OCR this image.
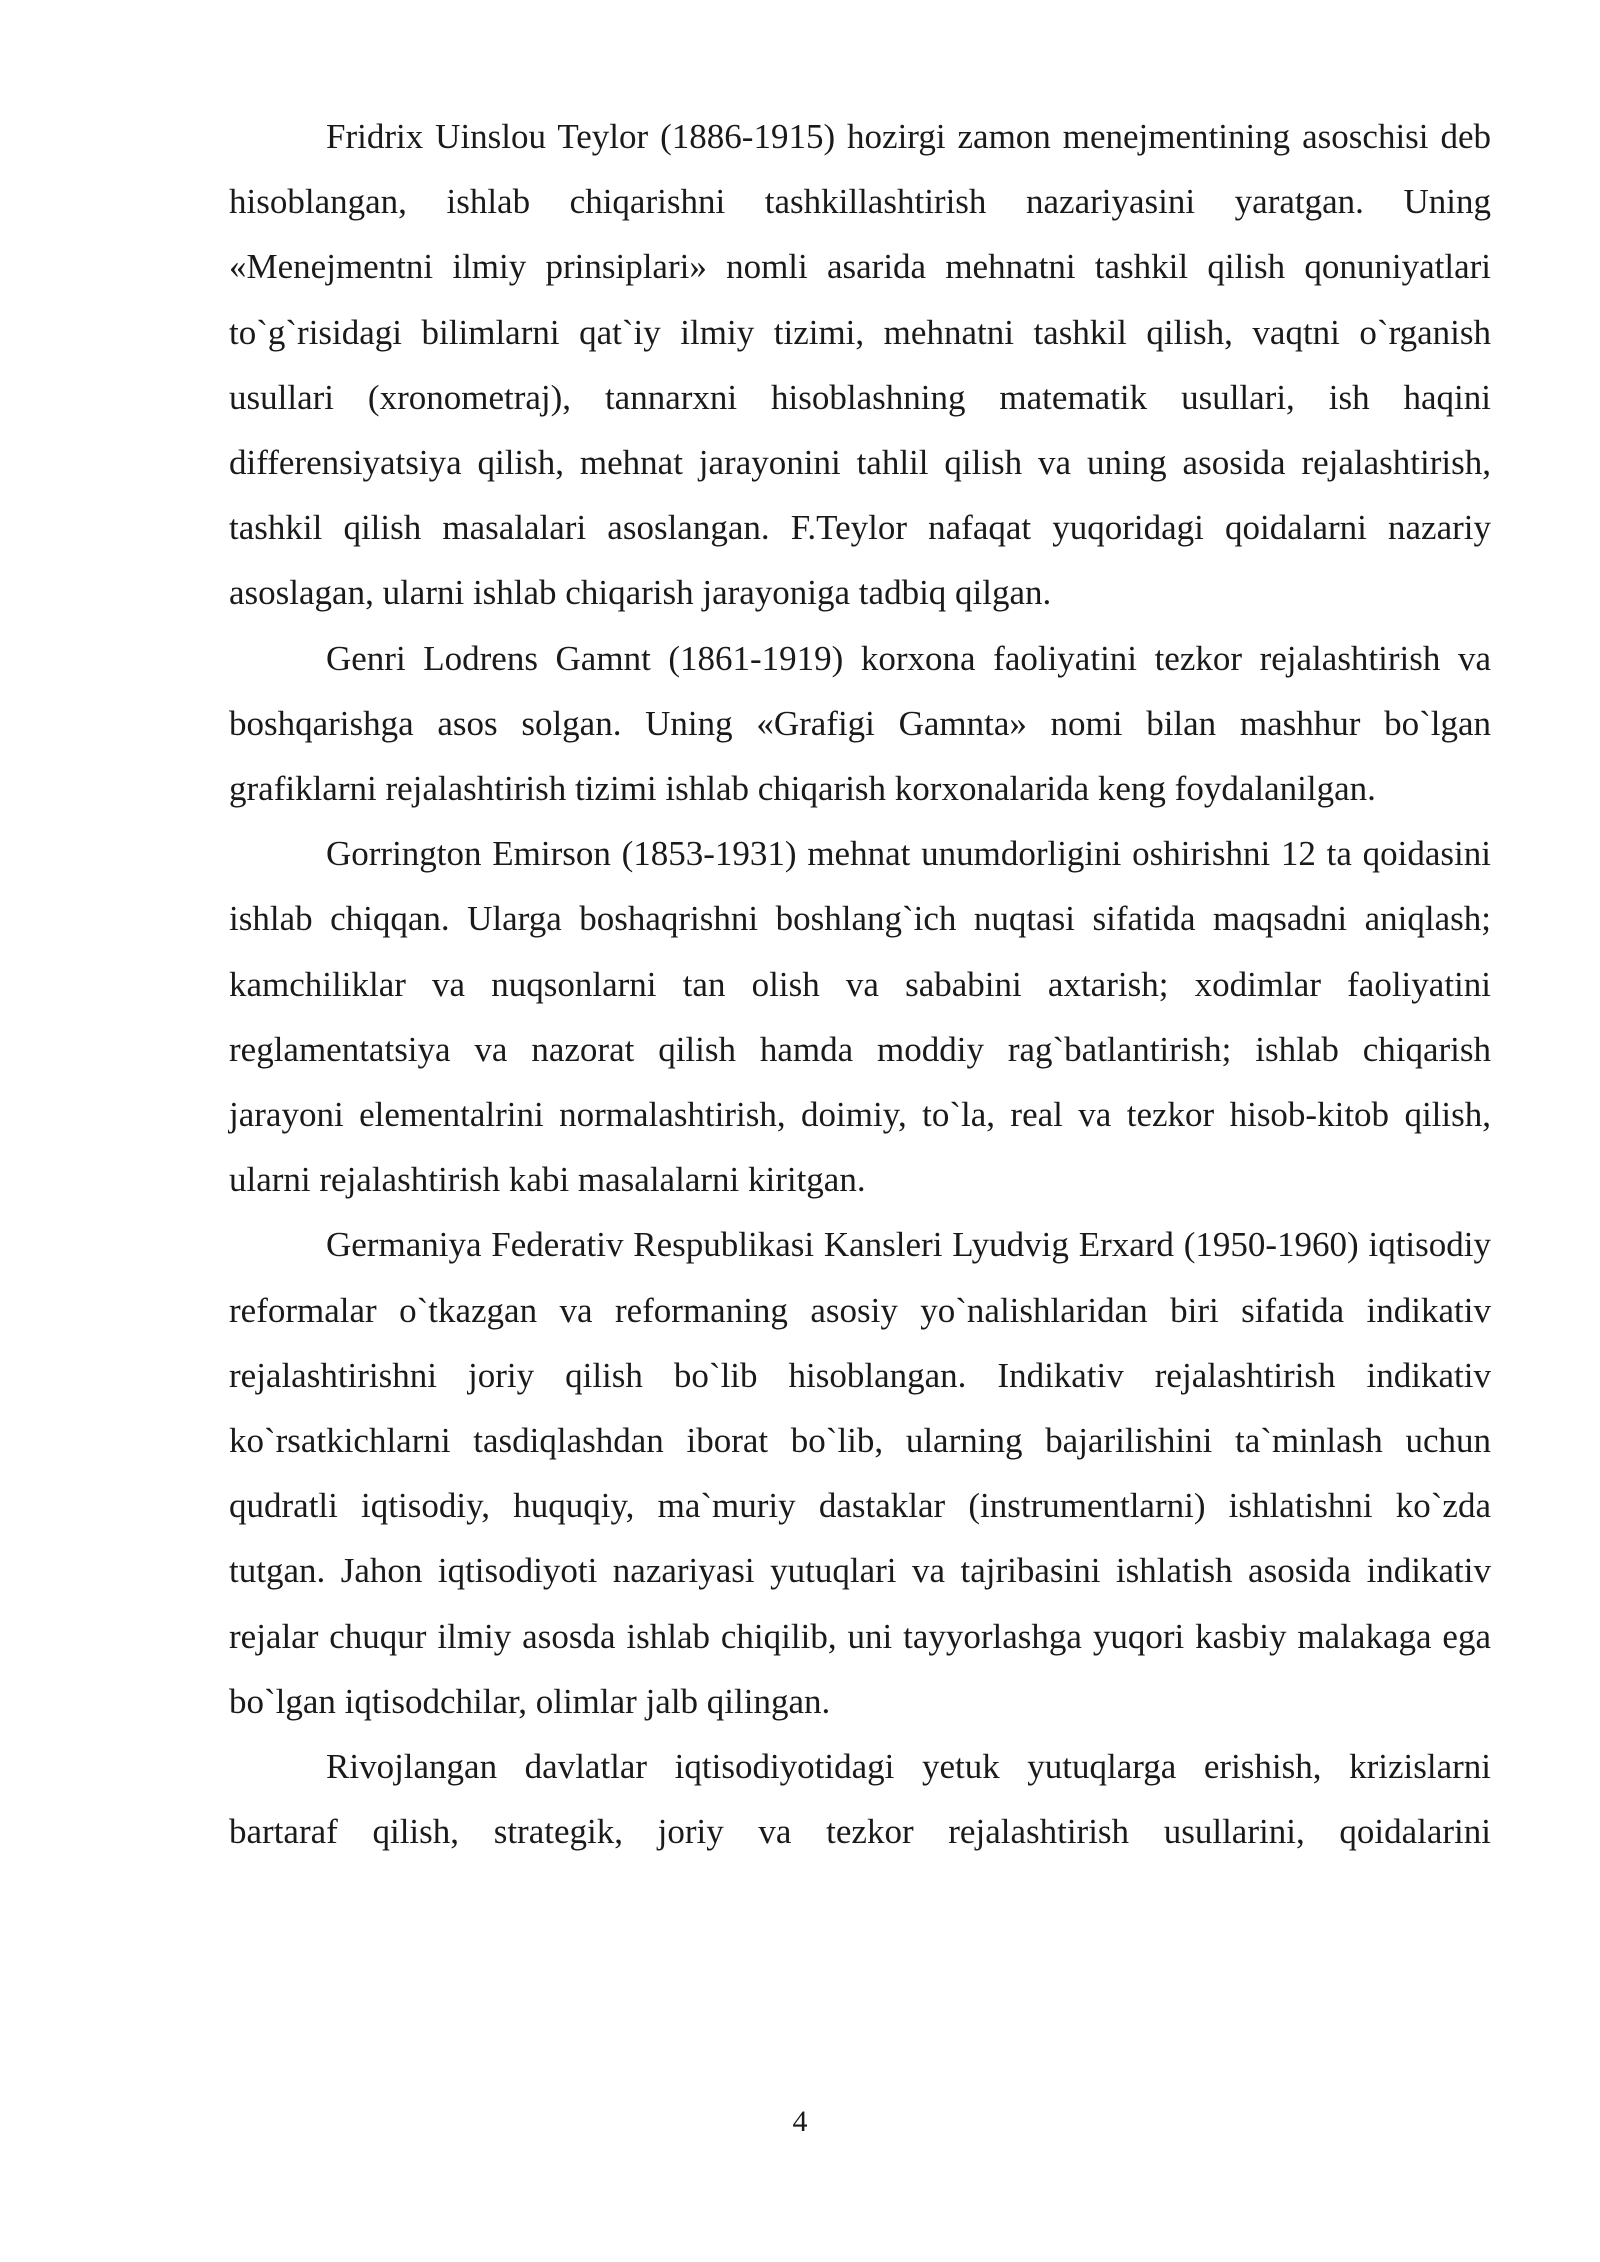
Fridrix Uinslou Teylor (1886-1915) hozirgi zamon menejmentining asoschisi deb hisoblangan, ishlab chiqarishni tashkillashtirish nazariyasini yaratgan. Uning «Menejmentni ilmiy prinsiplari» nomli asarida mehnatni tashkil qilish qonuniyatlari to`g`risidagi bilimlarni qat`iy ilmiy tizimi, mehnatni tashkil qilish, vaqtni o`rganish usullari (xronometraj), tannarxni hisoblashning matematik usullari, ish haqini differensiyatsiya qilish, mehnat jarayonini tahlil qilish va uning asosida rejalashtirish, tashkil qilish masalalari asoslangan. F.Teylor nafaqat yuqoridagi qoidalarni nazariy asoslagan, ularni ishlab chiqarish jarayoniga tadbiq qilgan.

Genri Lodrens Gamnt (1861-1919) korxona faoliyatini tezkor rejalashtirish va boshqarishga asos solgan. Uning «Grafigi Gamnta» nomi bilan mashhur bo`lgan grafiklarni rejalashtirish tizimi ishlab chiqarish korxonalarida keng foydalanilgan.

Gorrington Emirson (1853-1931) mehnat unumdorligini oshirishni 12 ta qoidasini ishlab chiqqan. Ularga boshaqrishni boshlang`ich nuqtasi sifatida maqsadni aniqlash; kamchiliklar va nuqsonlarni tan olish va sababini axtarish; xodimlar faoliyatini reglamentatsiya va nazorat qilish hamda moddiy rag`batlantirish; ishlab chiqarish jarayoni elementalrini normalashtirish, doimiy, to`la, real va tezkor hisob-kitob qilish, ularni rejalashtirish kabi masalalarni kiritgan.

Germaniya Federativ Respublikasi Kansleri Lyudvig Erxard (1950-1960) iqtisodiy reformalar o`tkazgan va reformaning asosiy yo`nalishlaridan biri sifatida indikativ rejalashtirishni joriy qilish bo`lib hisoblangan. Indikativ rejalashtirish indikativ ko`rsatkichlarni tasdiqlashdan iborat bo`lib, ularning bajarilishini ta`minlash uchun qudratli iqtisodiy, huquqiy, ma`muriy dastaklar (instrumentlarni) ishlatishni ko`zda tutgan. Jahon iqtisodiyoti nazariyasi yutuqlari va tajribasini ishlatish asosida indikativ rejalar chuqur ilmiy asosda ishlab chiqilib, uni tayyorlashga yuqori kasbiy malakaga ega bo`lgan iqtisodchilar, olimlar jalb qilingan.

Rivojlangan davlatlar iqtisodiyotidagi yetuk yutuqlarga erishish, krizislarni bartaraf qilish, strategik, joriy va tezkor rejalashtirish usullarini, qoidalarini

4
